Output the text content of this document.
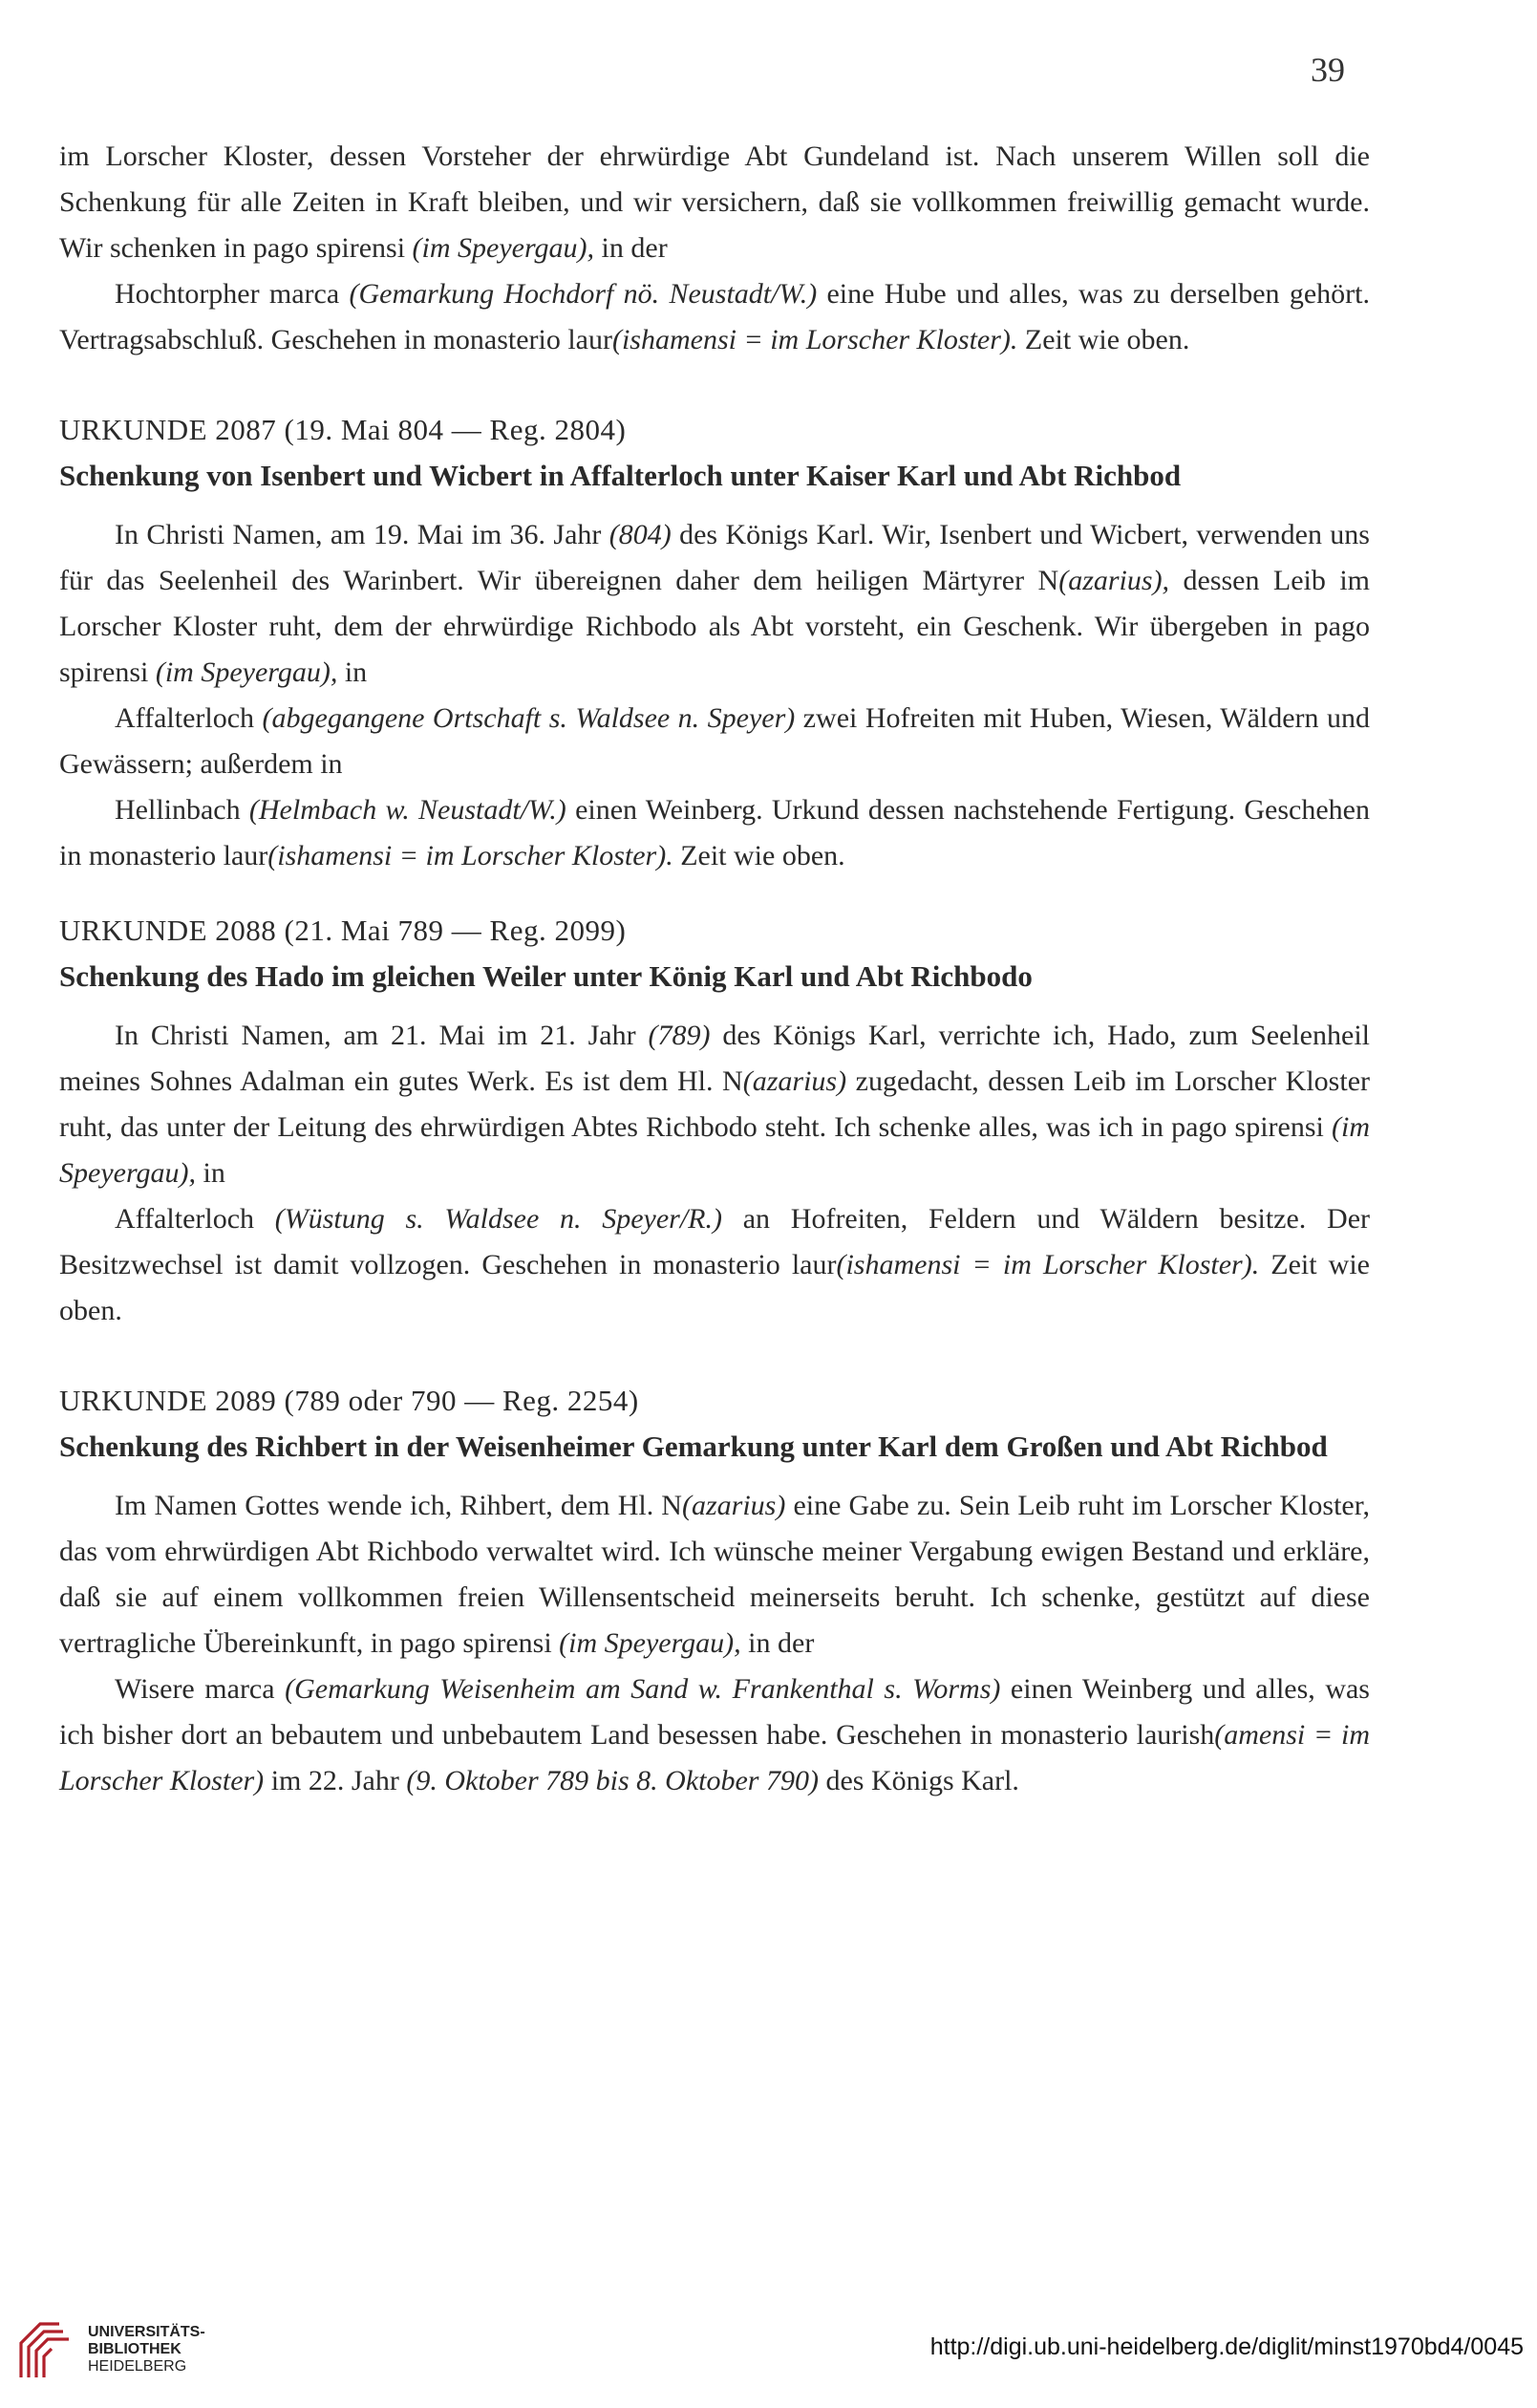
39

im Lorscher Kloster, dessen Vorsteher der ehrwürdige Abt Gundeland ist. Nach unserem Willen soll die Schenkung für alle Zeiten in Kraft bleiben, und wir versichern, daß sie vollkommen freiwillig gemacht wurde. Wir schenken in pago spirensi (im Speyergau), in der

Hochtorpher marca (Gemarkung Hochdorf nö. Neustadt/W.) eine Hube und alles, was zu derselben gehört. Vertragsabschluß. Geschehen in monasterio laur(ishamensi = im Lorscher Kloster). Zeit wie oben.

URKUNDE 2087 (19. Mai 804 — Reg. 2804)

Schenkung von Isenbert und Wicbert in Affalterloch unter Kaiser Karl und Abt Richbod

In Christi Namen, am 19. Mai im 36. Jahr (804) des Königs Karl. Wir, Isenbert und Wicbert, verwenden uns für das Seelenheil des Warinbert. Wir übereignen daher dem heiligen Märtyrer N(azarius), dessen Leib im Lorscher Kloster ruht, dem der ehrwürdige Richbodo als Abt vorsteht, ein Geschenk. Wir übergeben in pago spirensi (im Speyergau), in

Affalterloch (abgegangene Ortschaft s. Waldsee n. Speyer) zwei Hofreiten mit Huben, Wiesen, Wäldern und Gewässern; außerdem in

Hellinbach (Helmbach w. Neustadt/W.) einen Weinberg. Urkund dessen nachstehende Fertigung. Geschehen in monasterio laur(ishamensi = im Lorscher Kloster). Zeit wie oben.

URKUNDE 2088 (21. Mai 789 — Reg. 2099)

Schenkung des Hado im gleichen Weiler unter König Karl und Abt Richbodo

In Christi Namen, am 21. Mai im 21. Jahr (789) des Königs Karl, verrichte ich, Hado, zum Seelenheil meines Sohnes Adalman ein gutes Werk. Es ist dem Hl. N(azarius) zugedacht, dessen Leib im Lorscher Kloster ruht, das unter der Leitung des ehrwürdigen Abtes Richbodo steht. Ich schenke alles, was ich in pago spirensi (im Speyergau), in

Affalterloch (Wüstung s. Waldsee n. Speyer/R.) an Hofreiten, Feldern und Wäldern besitze. Der Besitzwechsel ist damit vollzogen. Geschehen in monasterio laur(ishamensi = im Lorscher Kloster). Zeit wie oben.

URKUNDE 2089 (789 oder 790 — Reg. 2254)

Schenkung des Richbert in der Weisenheimer Gemarkung unter Karl dem Großen und Abt Richbod

Im Namen Gottes wende ich, Rihbert, dem Hl. N(azarius) eine Gabe zu. Sein Leib ruht im Lorscher Kloster, das vom ehrwürdigen Abt Richbodo verwaltet wird. Ich wünsche meiner Vergabung ewigen Bestand und erkläre, daß sie auf einem vollkommen freien Willensentscheid meinerseits beruht. Ich schenke, gestützt auf diese vertragliche Übereinkunft, in pago spirensi (im Speyergau), in der

Wisere marca (Gemarkung Weisenheim am Sand w. Frankenthal s. Worms) einen Weinberg und alles, was ich bisher dort an bebautem und unbebautem Land besessen habe. Geschehen in monasterio laurish(amensi = im Lorscher Kloster) im 22. Jahr (9. Oktober 789 bis 8. Oktober 790) des Königs Karl.

UNIVERSITÄTS-
BIBLIOTHEK
HEIDELBERG
http://digi.ub.uni-heidelberg.de/diglit/minst1970bd4/0045
